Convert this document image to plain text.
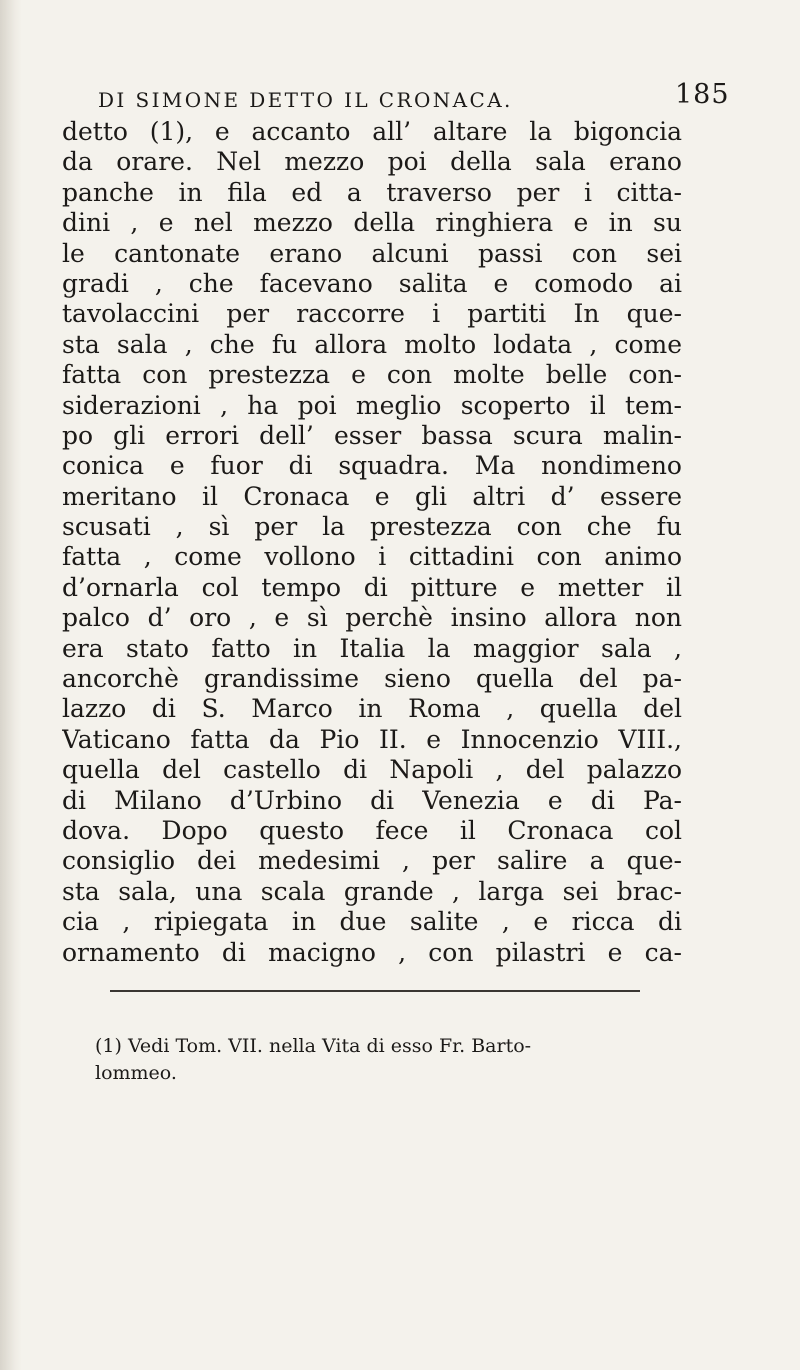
DI SIMONE DETTO IL CRONACA.	185
detto (1), e accanto all’ altare la bigoncia
da orare. Nel mezzo poi della sala erano
panche in fila ed a traverso per i citta-
dini , e nel mezzo della ringhiera e in su
le cantonate erano alcuni passi con sei
gradi , che facevano salita e comodo ai
tavolaccini per raccorre i partiti In que-
sta sala , che fu allora molto lodata , come
fatta con prestezza e con molte belle con-
siderazioni , ha poi meglio scoperto il tem-
po gli errori dell’ esser bassa scura malin-
conica e fuor di squadra. Ma nondimeno
meritano il Cronaca e gli altri d’ essere
scusati , sì per la prestezza con che fu
fatta , come vollono i cittadini con animo
d’ornarla col tempo di pitture e metter il
palco d’ oro , e sì perchè insino allora non
era stato fatto in Italia la maggior sala ,
ancorchè grandissime sieno quella del pa-
lazzo di S. Marco in Roma , quella del
Vaticano fatta da Pio II. e Innocenzio VIII.,
quella del castello di Napoli , del palazzo
di Milano d’Urbino di Venezia e di Pa-
dova. Dopo questo fece il Cronaca col
consiglio dei medesimi , per salire a que-
sta sala, una scala grande , larga sei brac-
cia , ripiegata in due salite , e ricca di
ornamento di macigno , con pilastri e ca-
(1) Vedi Tom. VII. nella Vita di esso Fr. Barto-
lommeo.
